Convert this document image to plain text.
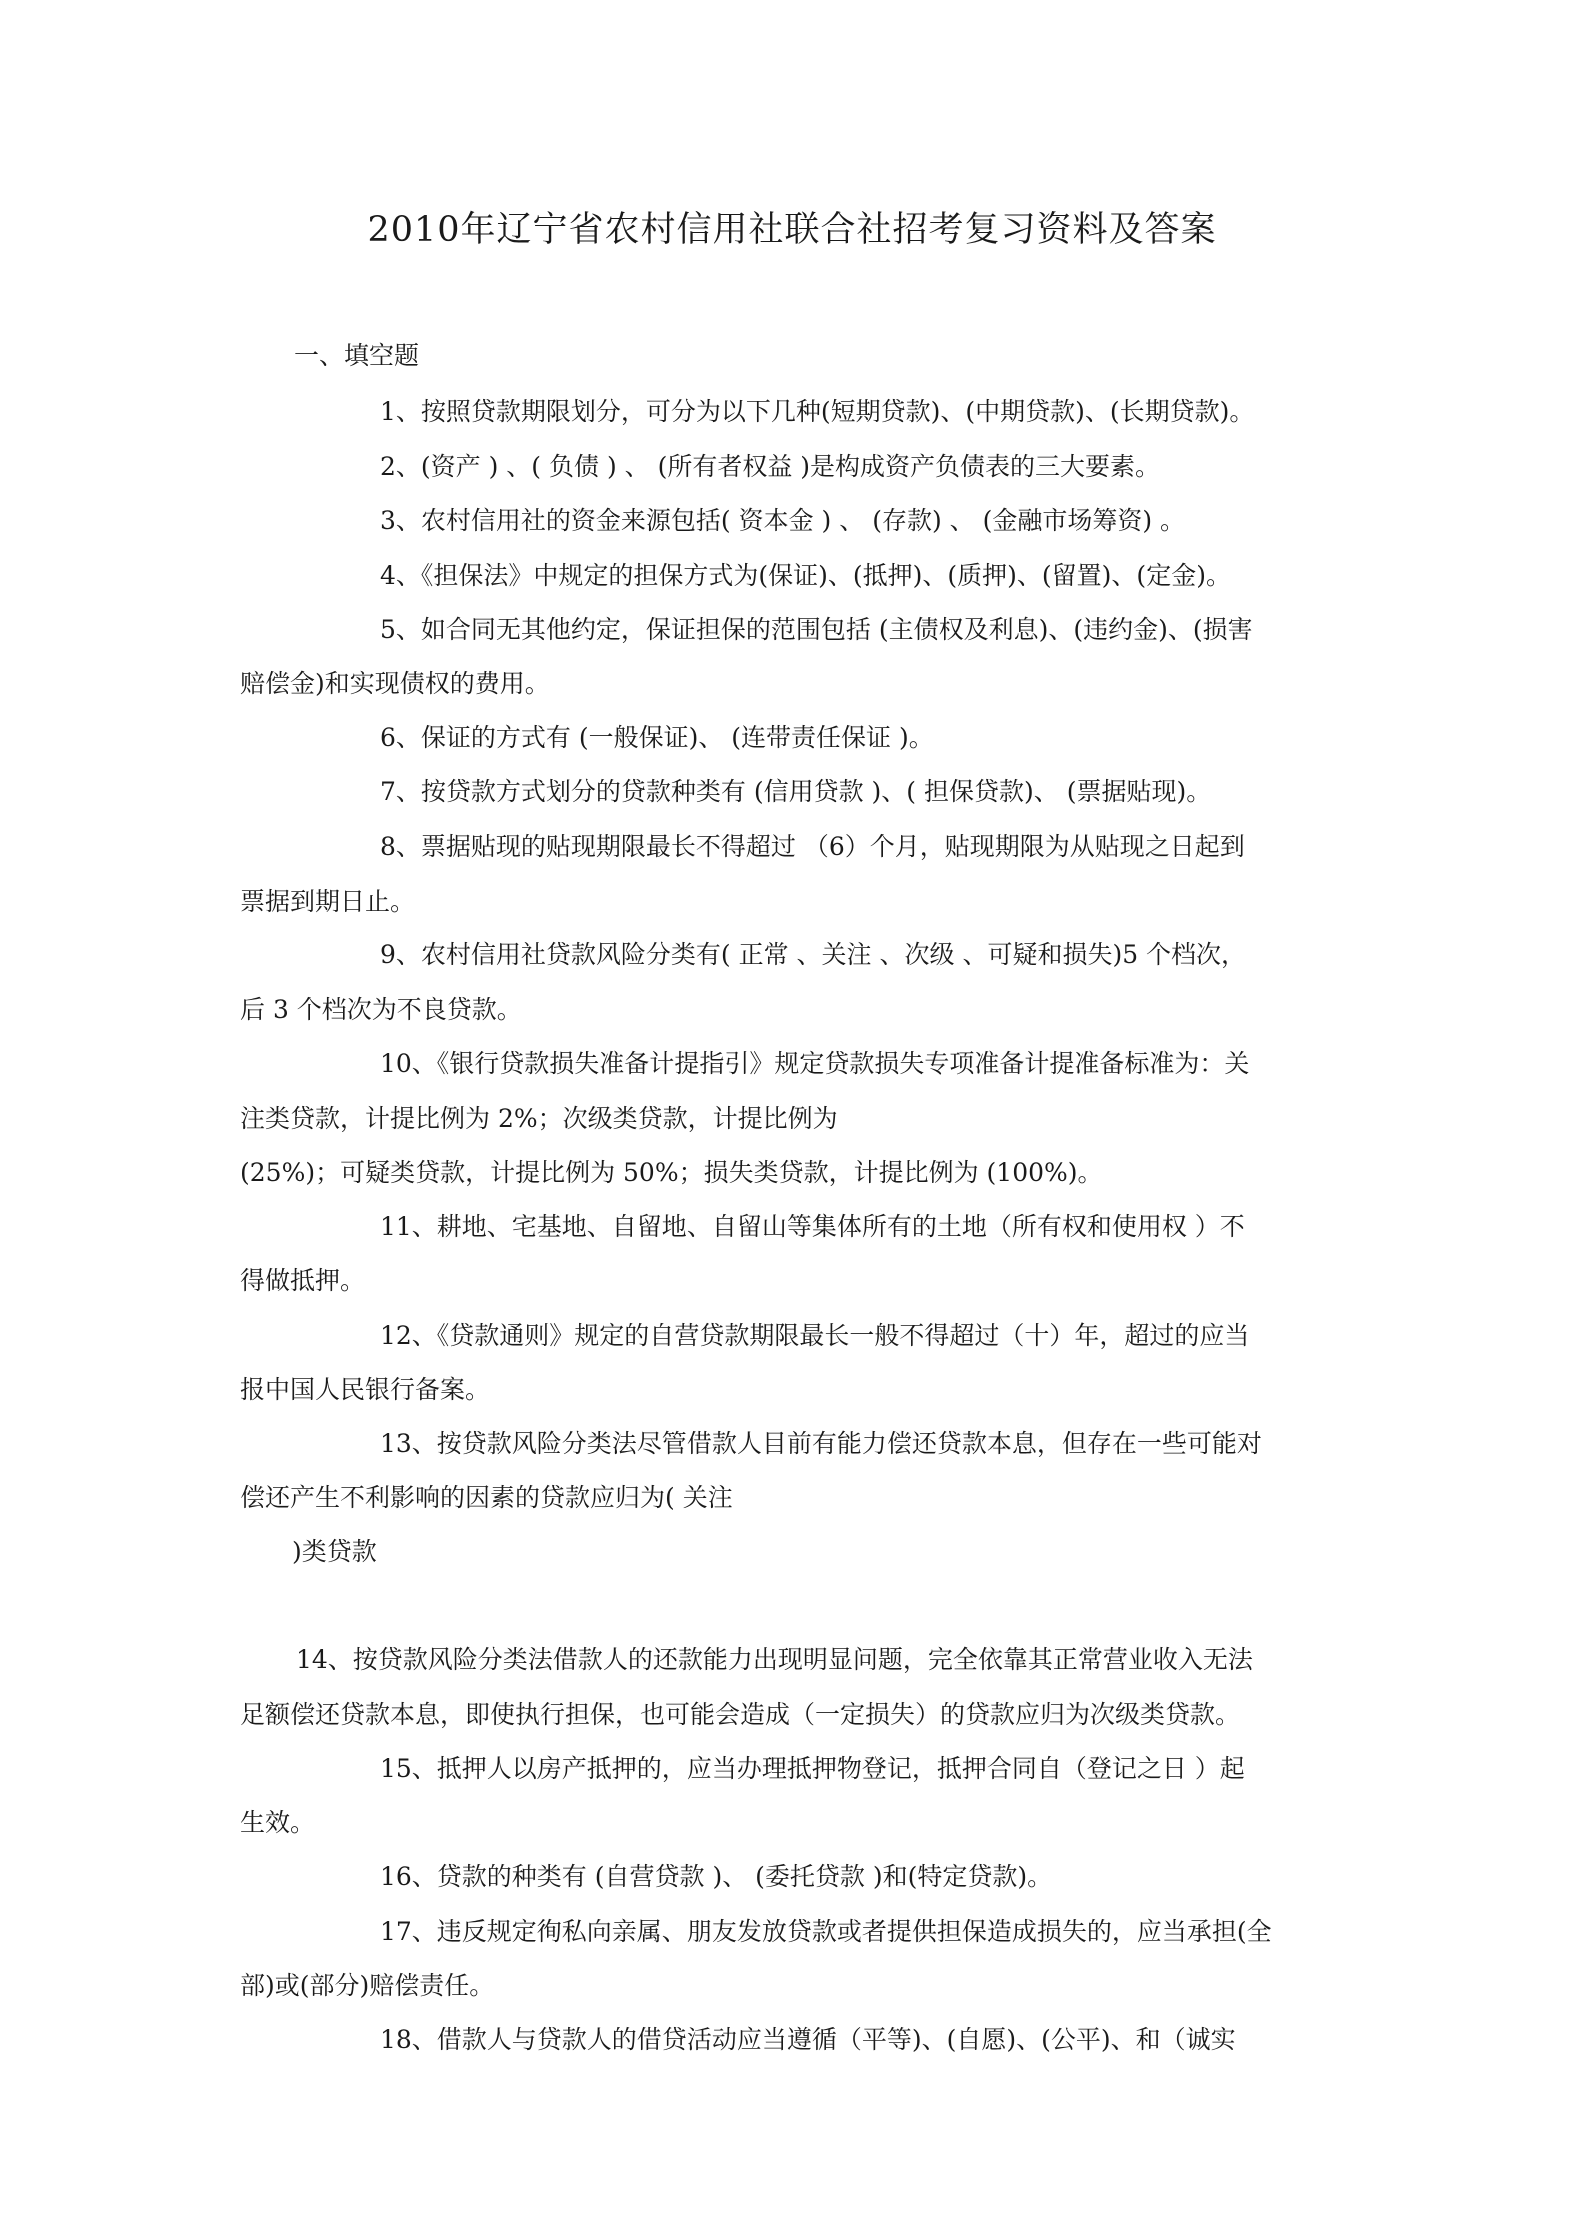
2010年辽宁省农村信用社联合社招考复习资料及答案
一、填空题
1、按照贷款期限划分，可分为以下几种(短期贷款)、(中期贷款)、(长期贷款)。
2、(资产 ) 、( 负债 ) 、 (所有者权益 )是构成资产负债表的三大要素。
3、农村信用社的资金来源包括( 资本金 ) 、 (存款) 、 (金融市场筹资) 。
4、《担保法》中规定的担保方式为(保证)、(抵押)、(质押)、(留置)、(定金)。
5、如合同无其他约定，保证担保的范围包括 (主债权及利息)、(违约金)、(损害
赔偿金)和实现债权的费用。
6、保证的方式有 (一般保证)、 (连带责任保证 )。
7、按贷款方式划分的贷款种类有 (信用贷款 )、( 担保贷款)、 (票据贴现)。
8、票据贴现的贴现期限最长不得超过 （6）个月，贴现期限为从贴现之日起到
票据到期日止。
9、农村信用社贷款风险分类有( 正常 、关注 、次级 、可疑和损失)5 个档次，
后 3 个档次为不良贷款。
10、《银行贷款损失准备计提指引》规定贷款损失专项准备计提准备标准为：关
注类贷款，计提比例为 2%；次级类贷款，计提比例为
(25%)；可疑类贷款，计提比例为 50%；损失类贷款，计提比例为 (100%)。
11、耕地、宅基地、自留地、自留山等集体所有的土地（所有权和使用权 ）不
得做抵押。
12、《贷款通则》规定的自营贷款期限最长一般不得超过（十）年，超过的应当
报中国人民银行备案。
13、按贷款风险分类法尽管借款人目前有能力偿还贷款本息，但存在一些可能对
偿还产生不利影响的因素的贷款应归为( 关注
)类贷款
14、按贷款风险分类法借款人的还款能力出现明显问题，完全依靠其正常营业收入无法
足额偿还贷款本息，即使执行担保，也可能会造成（一定损失）的贷款应归为次级类贷款。
15、抵押人以房产抵押的，应当办理抵押物登记，抵押合同自（登记之日 ）起
生效。
16、贷款的种类有 (自营贷款 )、 (委托贷款 )和(特定贷款)。
17、违反规定徇私向亲属、朋友发放贷款或者提供担保造成损失的，应当承担(全
部)或(部分)赔偿责任。
18、借款人与贷款人的借贷活动应当遵循（平等)、(自愿)、(公平)、和（诚实
